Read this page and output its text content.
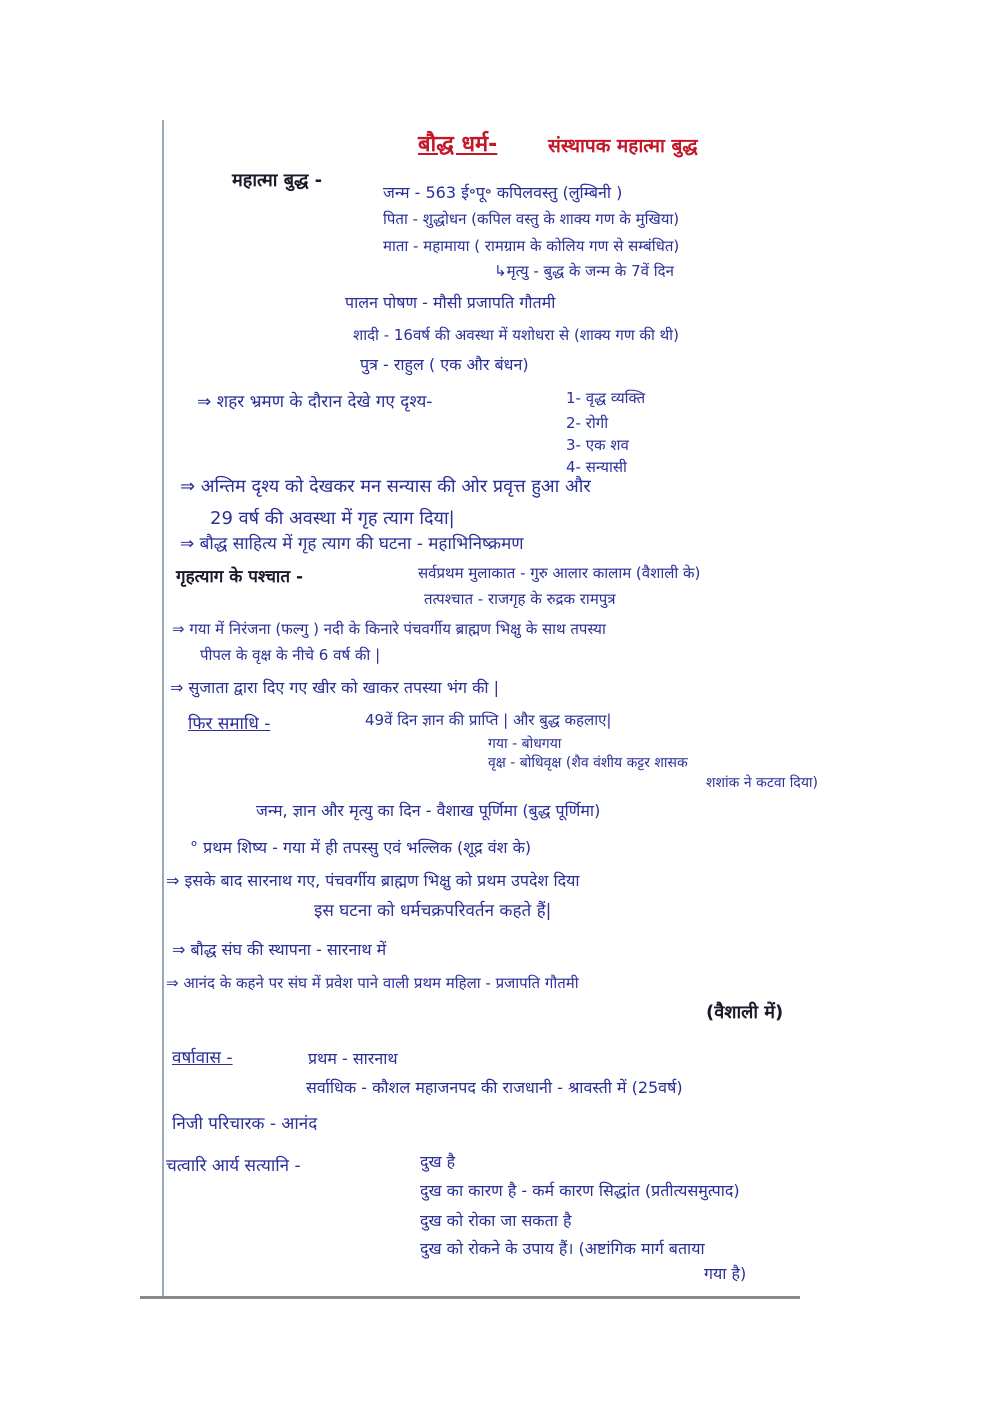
बौद्ध धर्म-	संस्थापक महात्मा बुद्ध
महात्मा बुद्ध -
जन्म - 563 ई॰पू॰ कपिलवस्तु (लुम्बिनी )
पिता - शुद्धोधन (कपिल वस्तु के शाक्य गण के मुखिया)
माता - महामाया ( रामग्राम के कोलिय गण से सम्बंधित)
↳मृत्यु - बुद्ध के जन्म के 7वें दिन
पालन पोषण - मौसी प्रजापति गौतमी
शादी - 16वर्ष की अवस्था में यशोधरा से (शाक्य गण की थी)
पुत्र - राहुल ( एक और बंधन)
⇒ शहर भ्रमण के दौरान देखे गए दृश्य-	1- वृद्ध व्यक्ति
2- रोगी
3- एक शव
4- सन्यासी
⇒ अन्तिम दृश्य को देखकर मन सन्यास की ओर प्रवृत्त हुआ और
29 वर्ष की अवस्था में गृह त्याग दिया|
⇒ बौद्ध साहित्य में गृह त्याग की घटना - महाभिनिष्क्रमण
गृहत्याग के पश्चात -	सर्वप्रथम मुलाकात - गुरु आलार कालाम (वैशाली के)
तत्पश्चात - राजगृह के रुद्रक रामपुत्र
⇒ गया में निरंजना (फल्गु ) नदी के किनारे पंचवर्गीय ब्राह्मण भिक्षु के साथ तपस्या
पीपल के वृक्ष के नीचे 6 वर्ष की |
⇒ सुजाता द्वारा दिए गए खीर को खाकर तपस्या भंग की |
फिर समाधि -	49वें दिन ज्ञान की प्राप्ति | और बुद्ध कहलाए|
गया - बोधगया
वृक्ष - बोधिवृक्ष (शैव वंशीय कट्टर शासक
शशांक ने कटवा दिया)
जन्म, ज्ञान और मृत्यु का दिन - वैशाख पूर्णिमा (बुद्ध पूर्णिमा)
° प्रथम शिष्य - गया में ही तपस्सु एवं भल्लिक (शूद्र वंश के)
⇒ इसके बाद सारनाथ गए, पंचवर्गीय ब्राह्मण भिक्षु को प्रथम उपदेश दिया
इस घटना को धर्मचक्रपरिवर्तन कहते हैं|
⇒ बौद्ध संघ की स्थापना - सारनाथ में
⇒ आनंद के कहने पर संघ में प्रवेश पाने वाली प्रथम महिला - प्रजापति गौतमी
(वैशाली में)
वर्षावास -	प्रथम - सारनाथ
सर्वाधिक - कौशल महाजनपद की राजधानी - श्रावस्ती में (25वर्ष)
निजी परिचारक - आनंद
चत्वारि आर्य सत्यानि -	दुख है
दुख का कारण है - कर्म कारण सिद्धांत (प्रतीत्यसमुत्पाद)
दुख को रोका जा सकता है
दुख को रोकने के उपाय हैं। (अष्टांगिक मार्ग बताया
गया है)
